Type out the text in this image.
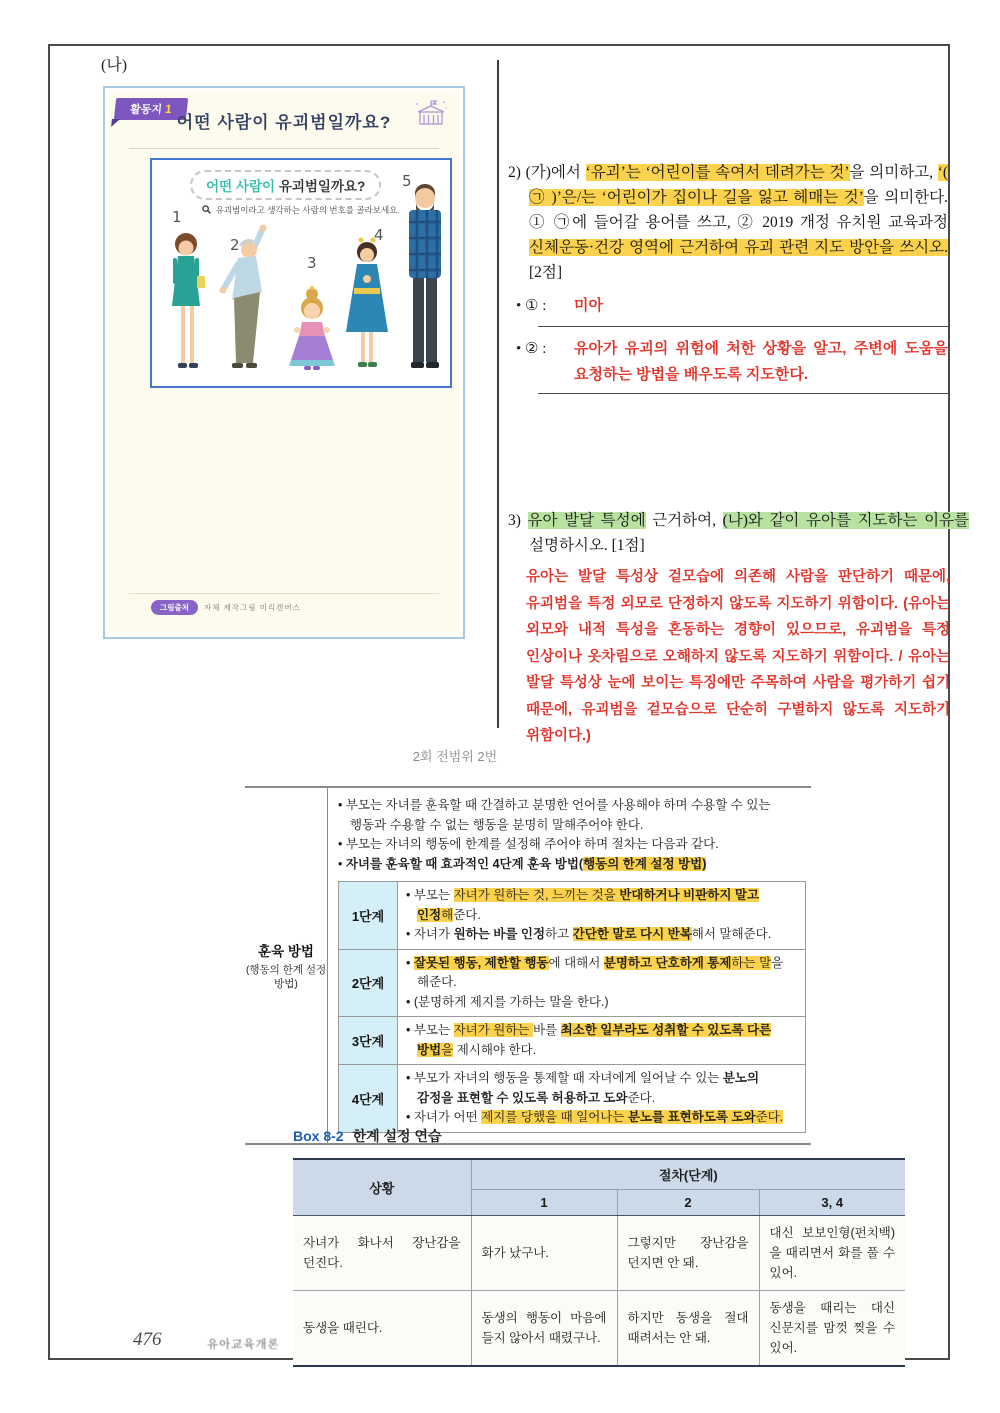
(나)
활동지 1
어떤 사람이 유괴범일까요?
어떤 사람이 유괴범일까요?
유괴범이라고 생각하는 사람의 번호를 골라보세요.
1
2
3
4
5
그림출처	자체 제작그림 미리캔버스

2) (가)에서 ‘유괴’는 ‘어린이를 속여서 데려가는 것’을 의미하고, ‘( ㉠ )’은/는 ‘어린이가 집이나 길을 잃고 헤매는 것’을 의미한다. ① ㉠에 들어갈 용어를 쓰고, ② 2019 개정 유치원 교육과정 신체운동·건강 영역에 근거하여 유괴 관련 지도 방안을 쓰시오. [2점]

• ① :	미아
• ② :	유아가 유괴의 위험에 처한 상황을 알고, 주변에 도움을 요청하는 방법을 배우도록 지도한다.

3) 유아 발달 특성에 근거하여, (나)와 같이 유아를 지도하는 이유를 설명하시오. [1점]

유아는 발달 특성상 겉모습에 의존해 사람을 판단하기 때문에, 유괴범을 특정 외모로 단정하지 않도록 지도하기 위함이다. (유아는 외모와 내적 특성을 혼동하는 경향이 있으므로, 유괴범을 특정 인상이나 옷차림으로 오해하지 않도록 지도하기 위함이다. / 유아는 발달 특성상 눈에 보이는 특징에만 주목하여 사람을 평가하기 쉽기 때문에, 유괴범을 겉모습으로 단순히 구별하지 않도록 지도하기 위함이다.)
2회 전범위 2번
훈육 방법
(행동의 한계 설정 방법)
• 부모는 자녀를 훈육할 때 간결하고 분명한 언어를 사용해야 하며 수용할 수 있는 행동과 수용할 수 없는 행동을 분명히 말해주어야 한다.
• 부모는 자녀의 행동에 한계를 설정해 주어야 하며 절차는 다음과 같다.
• 자녀를 훈육할 때 효과적인 4단계 훈육 방법(행동의 한계 설정 방법)
1단계	
• 부모는 자녀가 원하는 것, 느끼는 것을 반대하거나 비판하지 말고 인정해준다.
• 자녀가 원하는 바를 인정하고 간단한 말로 다시 반복해서 말해준다.

2단계	
• 잘못된 행동, 제한할 행동에 대해서 분명하고 단호하게 통제하는 말을 해준다.
• (분명하게 제지를 가하는 말을 한다.)

3단계	
• 부모는 자녀가 원하는 바를 최소한 일부라도 성취할 수 있도록 다른 방법을 제시해야 한다.

4단계	
• 부모가 자녀의 행동을 통제할 때 자녀에게 일어날 수 있는 분노의 감정을 표현할 수 있도록 허용하고 도와준다.
• 자녀가 어떤 제지를 당했을 때 일어나는 분노를 표현하도록 도와준다.
Box 8-2 한계 설정 연습
상황	절차(단계)		
	1	2	3, 4
자녀가 화나서 장난감을 던진다.	화가 났구나.	그렇지만 장난감을 던지면 안 돼.	대신 보보인형(펀치백)을 때리면서 화를 풀 수 있어.
동생을 때린다.	동생의 행동이 마음에 들지 않아서 때렸구나.	하지만 동생을 절대 때려서는 안 돼.	동생을 때리는 대신 신문지를 맘껏 찢을 수 있어.
476	유아교육개론
